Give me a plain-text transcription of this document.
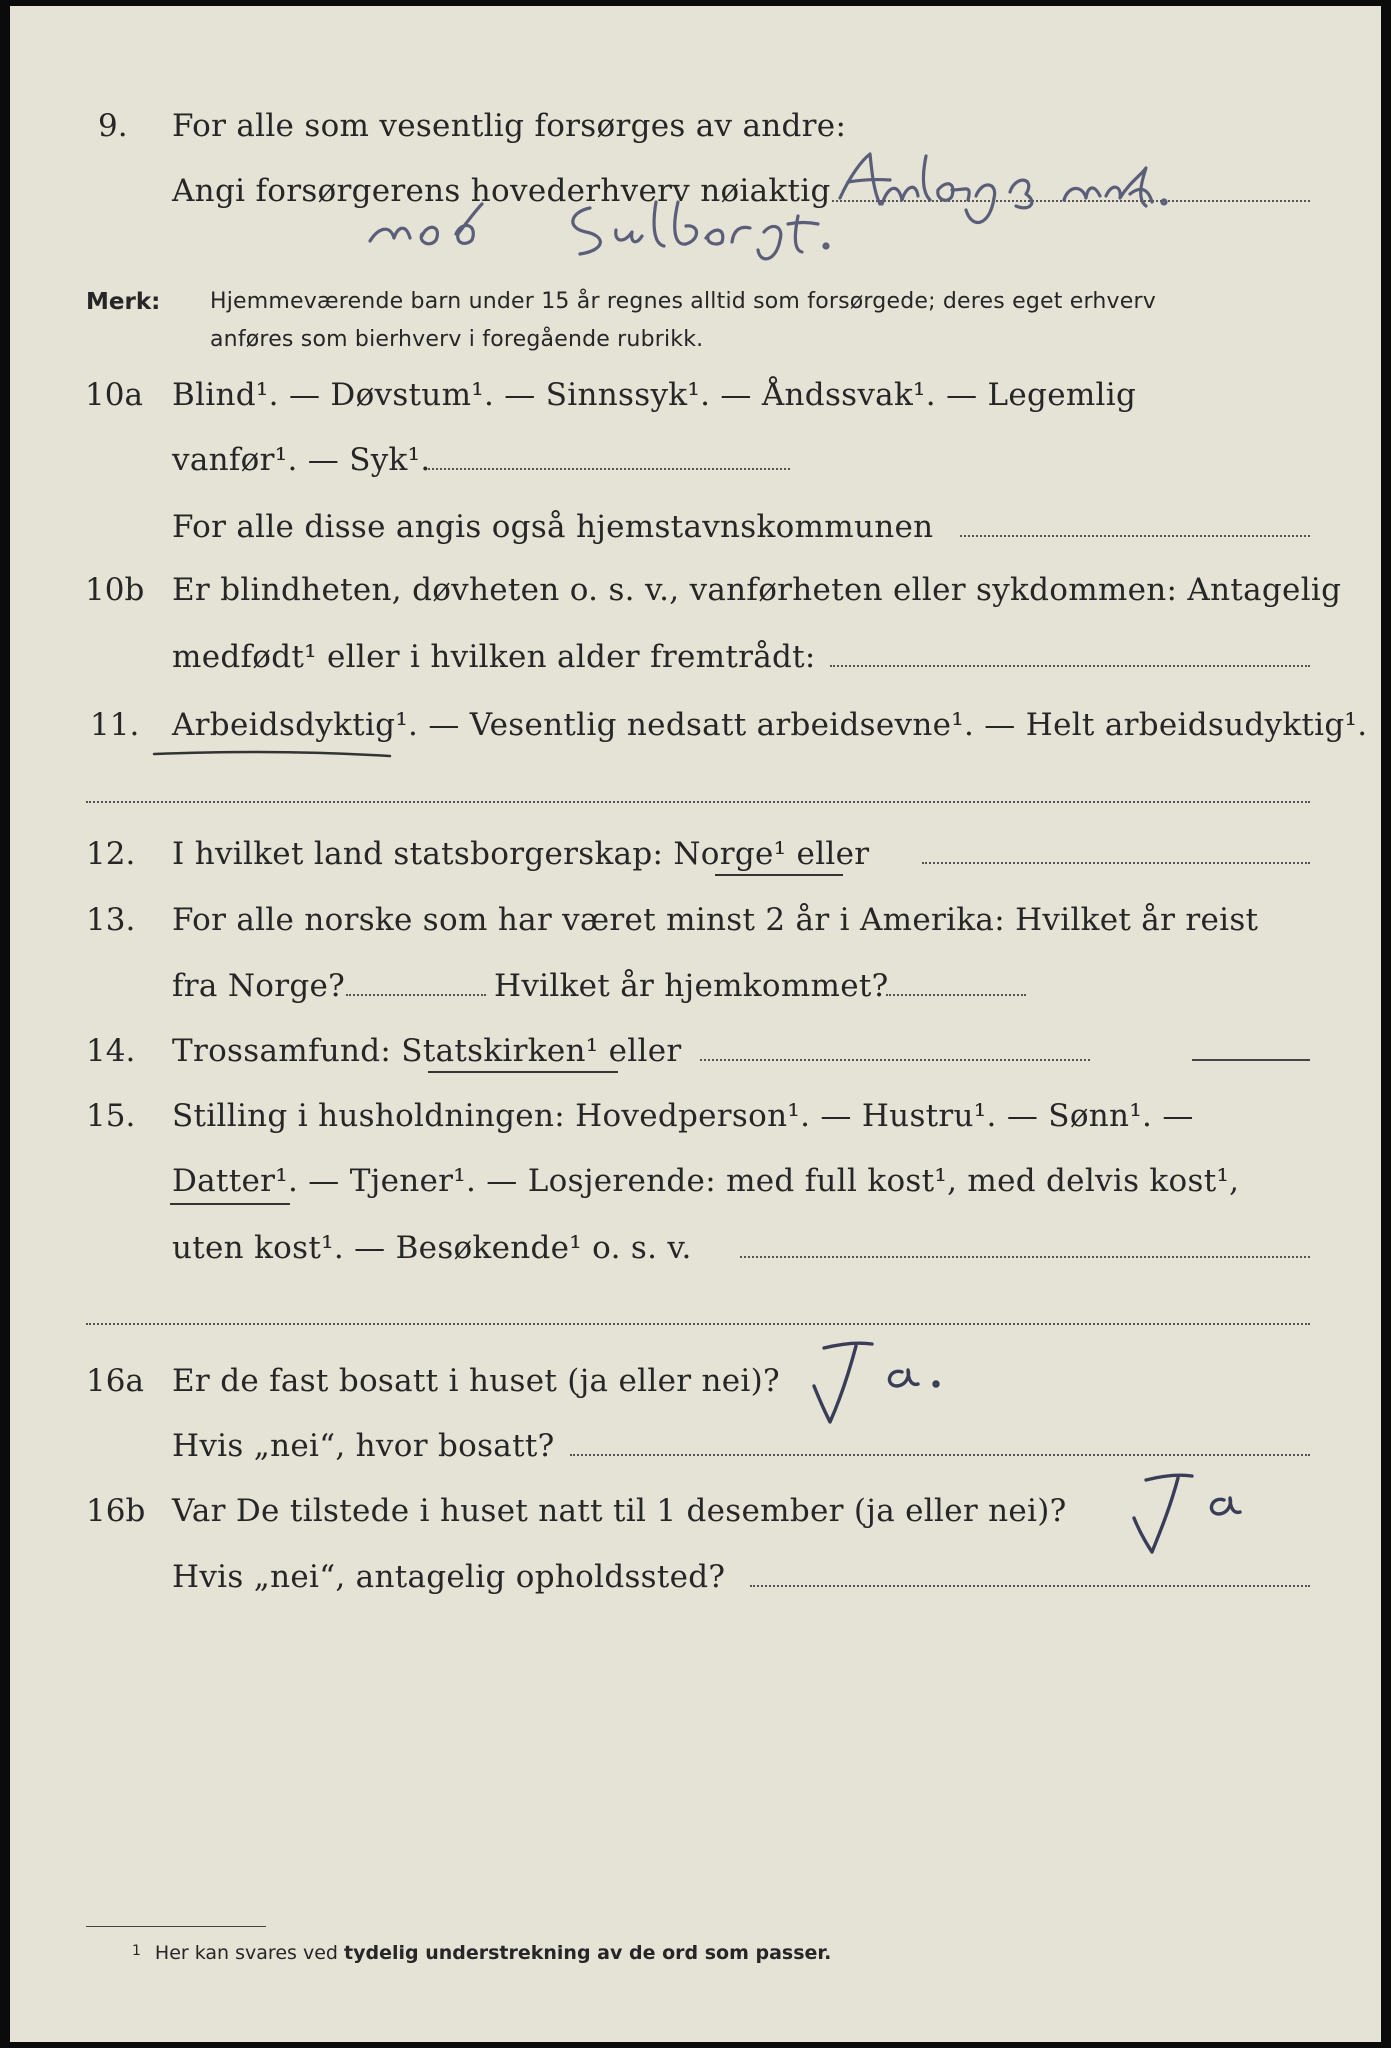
9. For alle som vesentlig forsørges av andre:
Angi forsørgerens hovederhverv nøiaktig
Merk: Hjemmeværende barn under 15 år regnes alltid som forsørgede; deres eget erhverv
anføres som bierhverv i foregående rubrikk.
10a Blind¹. — Døvstum¹. — Sinnssyk¹. — Åndssvak¹. — Legemlig
vanfør¹. — Syk¹.
For alle disse angis også hjemstavnskommunen
10b Er blindheten, døvheten o. s. v., vanførheten eller sykdommen: Antagelig
medfødt¹ eller i hvilken alder fremtrådt:
11. Arbeidsdyktig¹. — Vesentlig nedsatt arbeidsevne¹. — Helt arbeidsudyktig¹.
12. I hvilket land statsborgerskap: Norge¹ eller
13. For alle norske som har været minst 2 år i Amerika: Hvilket år reist
fra Norge?	Hvilket år hjemkommet?
14. Trossamfund: Statskirken¹ eller
15. Stilling i husholdningen: Hovedperson¹. — Hustru¹. — Sønn¹. —
Datter¹. — Tjener¹. — Losjerende: med full kost¹, med delvis kost¹,
uten kost¹. — Besøkende¹ o. s. v.
16a Er de fast bosatt i huset (ja eller nei)?
Hvis „nei“, hvor bosatt?
16b Var De tilstede i huset natt til 1 desember (ja eller nei)?
Hvis „nei“, antagelig opholdssted?
$^1$ Her kan svares ved tydelig understrekning av de ord som passer.
